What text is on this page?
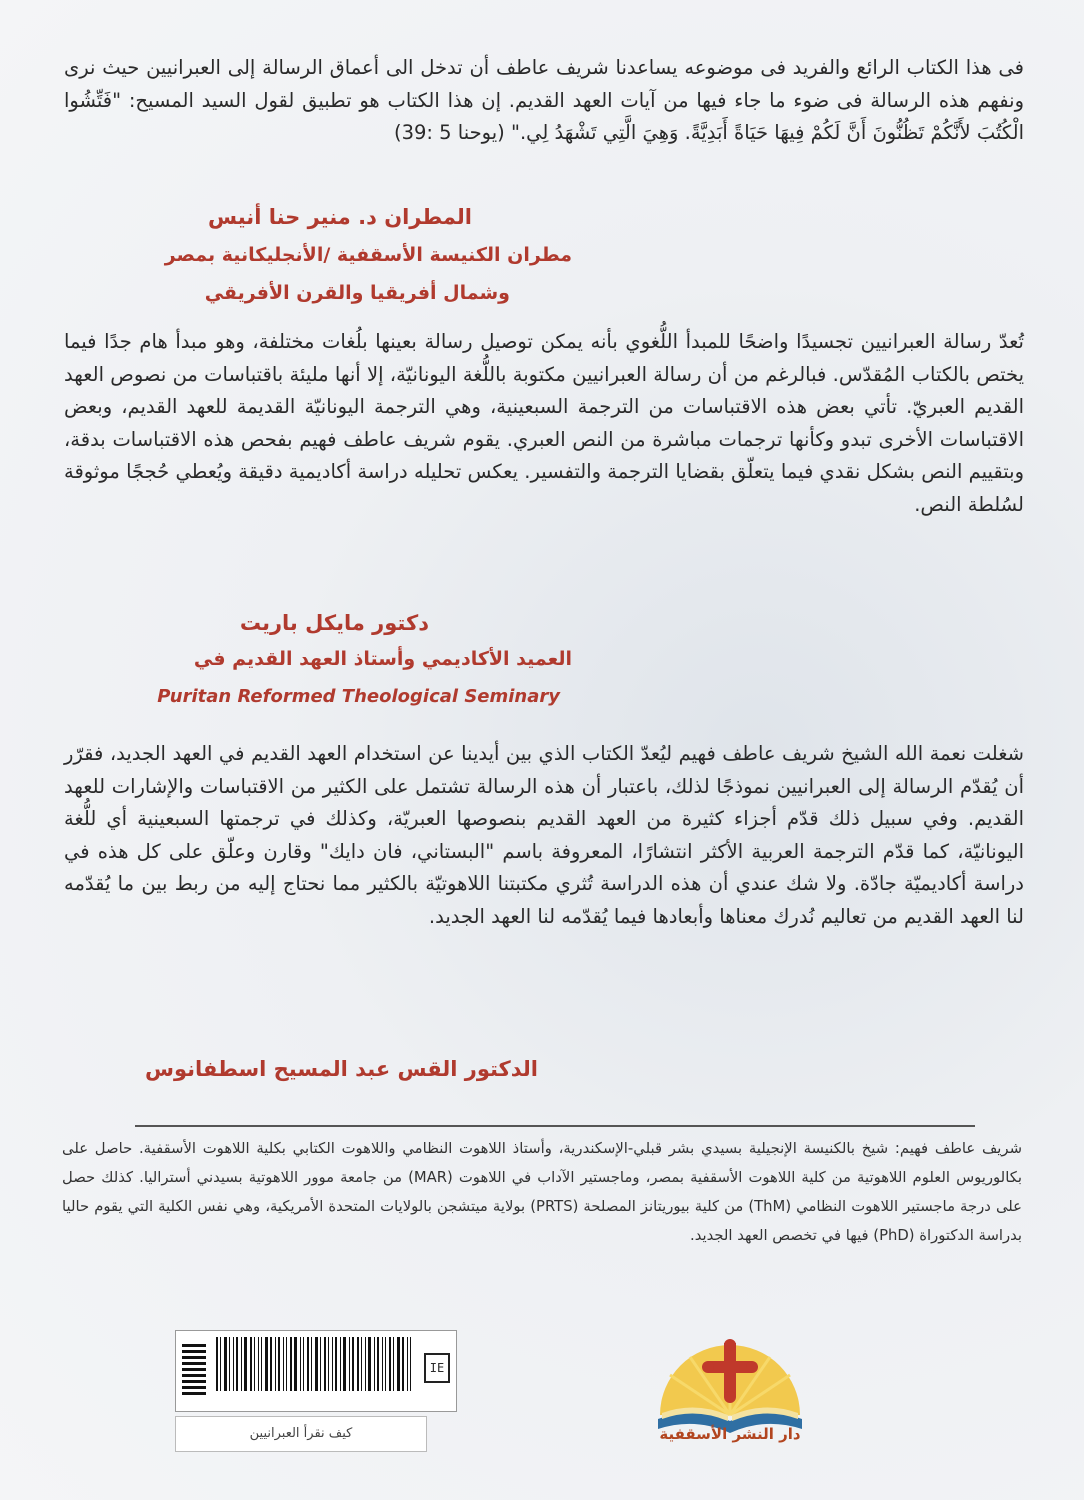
فى هذا الكتاب الرائع والفريد فى موضوعه يساعدنا شريف عاطف أن تدخل الى أعماق الرسالة إلى العبرانيين حيث نرى ونفهم هذه الرسالة فى ضوء ما جاء فيها من آيات العهد القديم. إن هذا الكتاب هو تطبيق لقول السيد المسيح: "فَتِّشُوا الْكُتُبَ لأَنَّكُمْ تَظُنُّونَ أَنَّ لَكُمْ فِيهَا حَيَاةً أَبَدِيَّةً. وَهِيَ الَّتِي تَشْهَدُ لِي." (يوحنا 5 :39)

المطران د. منير حنا أنيس
مطران الكنيسة الأسقفية /الأنجليكانية بمصر
وشمال أفريقيا والقرن الأفريقي

تُعدّ رسالة العبرانيين تجسيدًا واضحًا للمبدأ اللُّغوي بأنه يمكن توصيل رسالة بعينها بلُغات مختلفة، وهو مبدأ هام جدًا فيما يختص بالكتاب المُقدّس. فبالرغم من أن رسالة العبرانيين مكتوبة باللُّغة اليونانيّة، إلا أنها مليئة باقتباسات من نصوص العهد القديم العبريّ. تأتي بعض هذه الاقتباسات من الترجمة السبعينية، وهي الترجمة اليونانيّة القديمة للعهد القديم، وبعض الاقتباسات الأخرى تبدو وكأنها ترجمات مباشرة من النص العبري. يقوم شريف عاطف فهيم بفحص هذه الاقتباسات بدقة، وبتقييم النص بشكل نقدي فيما يتعلّق بقضايا الترجمة والتفسير. يعكس تحليله دراسة أكاديمية دقيقة ويُعطي حُججًا موثوقة لسُلطة النص.

دكتور مايكل باريت
العميد الأكاديمي وأستاذ العهد القديم في
Puritan Reformed Theological Seminary

شغلت نعمة الله الشيخ شريف عاطف فهيم ليُعدّ الكتاب الذي بين أيدينا عن استخدام العهد القديم في العهد الجديد، فقرّر أن يُقدّم الرسالة إلى العبرانيين نموذجًا لذلك، باعتبار أن هذه الرسالة تشتمل على الكثير من الاقتباسات والإشارات للعهد القديم. وفي سبيل ذلك قدّم أجزاء كثيرة من العهد القديم بنصوصها العبريّة، وكذلك في ترجمتها السبعينية أي للُّغة اليونانيّة، كما قدّم الترجمة العربية الأكثر انتشارًا، المعروفة باسم "البستاني، فان دايك" وقارن وعلّق على كل هذه في دراسة أكاديميّة جادّة. ولا شك عندي أن هذه الدراسة تُثري مكتبتنا اللاهوتيّة بالكثير مما نحتاج إليه من ربط بين ما يُقدّمه لنا العهد القديم من تعاليم نُدرك معناها وأبعادها فيما يُقدّمه لنا العهد الجديد.

الدكتور القس عبد المسيح اسطفانوس

شريف عاطف فهيم: شيخ بالكنيسة الإنجيلية بسيدي بشر قبلي-الإسكندرية، وأستاذ اللاهوت النظامي واللاهوت الكتابي بكلية اللاهوت الأسقفية. حاصل على بكالوريوس العلوم اللاهوتية من كلية اللاهوت الأسقفية بمصر، وماجستير الآداب في اللاهوت (MAR) من جامعة موور اللاهوتية بسيدني أستراليا. كذلك حصل على درجة ماجستير اللاهوت النظامي (ThM) من كلية بيوريتانز المصلحة (PRTS) بولاية ميتشجن بالولايات المتحدة الأمريكية، وهي نفس الكلية التي يقوم حاليا بدراسة الدكتوراة (PhD) فيها في تخصص العهد الجديد.

IE
كيف نقرأ العبرانيين	دار النشر الأسقفية
